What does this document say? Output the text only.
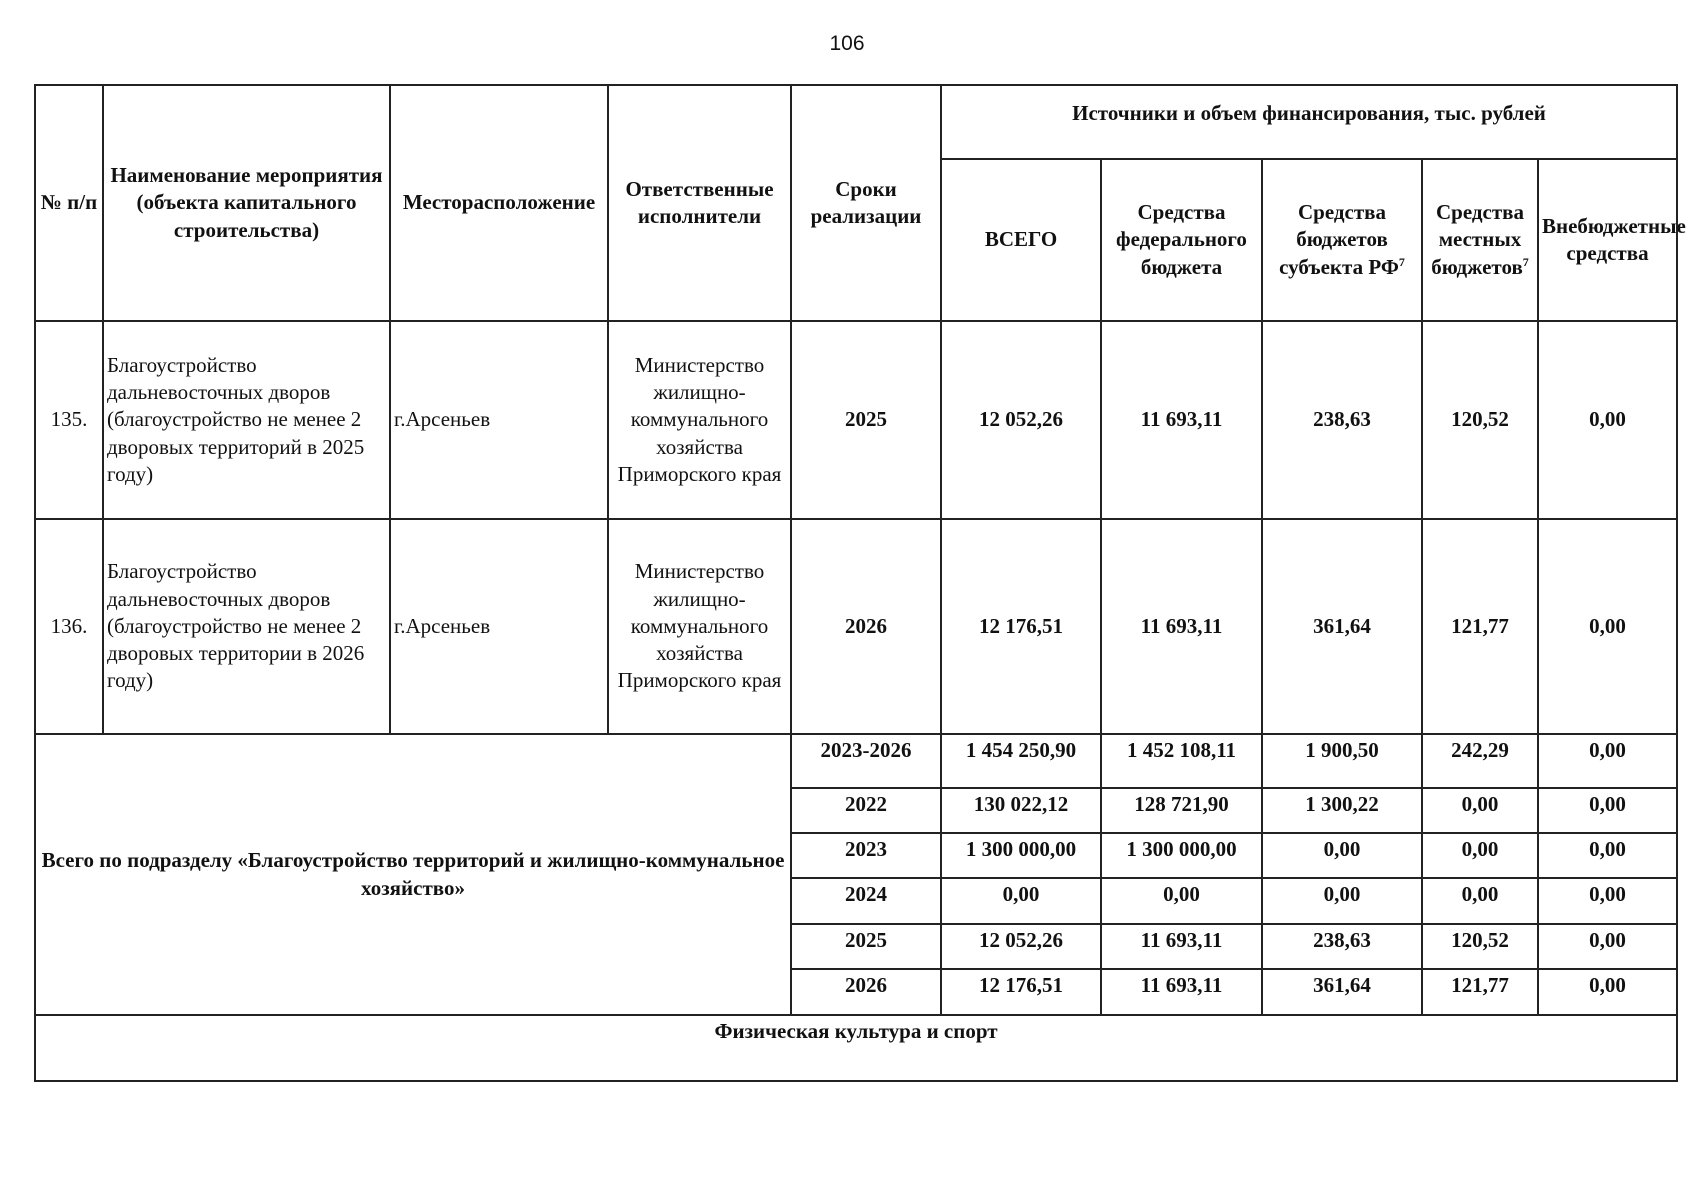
106
№ п/п	Наименование мероприятия (объекта капитального строительства)	Месторасположение	Ответственные исполнители	Сроки реализации	Источники и объем финансирования, тыс. рублей				
					ВСЕГО	Средства федерального бюджета	Средства бюджетов субъекта $РФ^7$	Средства местных бюджетов$^7$	Внебюджетные средства
135.	Благоустройство дальневосточных дворов (благоустройство не менее 2 дворовых территорий в 2025 году)	г.Арсеньев	Министерство жилищно-коммунального хозяйства Приморского края	2025	12 052,26	11 693,11	238,63	120,52	0,00
136.	Благоустройство дальневосточных дворов (благоустройство не менее 2 дворовых территории в 2026 году)	г.Арсеньев	Министерство жилищно-коммунального хозяйства Приморского края	2026	12 176,51	11 693,11	361,64	121,77	0,00
Всего по подразделу «Благоустройство территорий и жилищно-коммунальное хозяйство»				2023-2026	1 454 250,90	1 452 108,11	1 900,50	242,29	0,00
				2022	130 022,12	128 721,90	1 300,22	0,00	0,00
				2023	1 300 000,00	1 300 000,00	0,00	0,00	0,00
				2024	0,00	0,00	0,00	0,00	0,00
				2025	12 052,26	11 693,11	238,63	120,52	0,00
				2026	12 176,51	11 693,11	361,64	121,77	0,00
Физическая культура и спорт									
